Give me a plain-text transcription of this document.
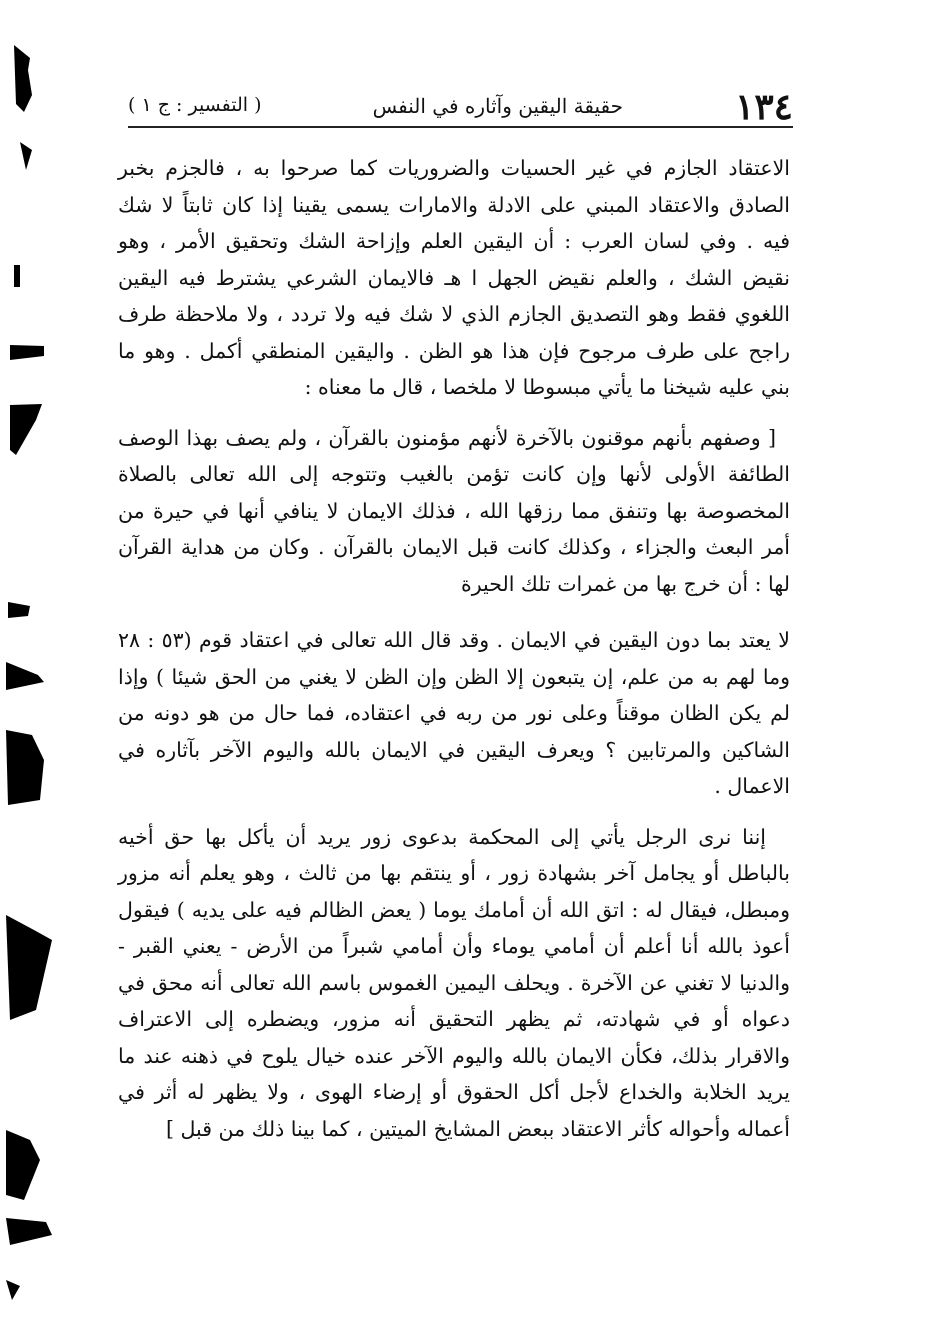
١٣٤
حقيقة اليقين وآثاره في النفس
( التفسير : ج ١ )

الاعتقاد الجازم في غير الحسيات والضروريات كما صرحوا به ، فالجزم بخبر الصادق والاعتقاد المبني على الادلة والامارات يسمى يقينا إذا كان ثابتاً لا شك فيه . وفي لسان العرب : أن اليقين العلم وإزاحة الشك وتحقيق الأمر ، وهو نقيض الشك ، والعلم نقيض الجهل ا هـ فالايمان الشرعي يشترط فيه اليقين اللغوي فقط وهو التصديق الجازم الذي لا شك فيه ولا تردد ، ولا ملاحظة طرف راجح على طرف مرجوح فإن هذا هو الظن . واليقين المنطقي أكمل . وهو ما بني عليه شيخنا ما يأتي مبسوطا لا ملخصا ، قال ما معناه :

[ وصفهم بأنهم موقنون بالآخرة لأنهم مؤمنون بالقرآن ، ولم يصف بهذا الوصف الطائفة الأولى لأنها وإن كانت تؤمن بالغيب وتتوجه إلى الله تعالى بالصلاة المخصوصة بها وتنفق مما رزقها الله ، فذلك الايمان لا ينافي أنها في حيرة من أمر البعث والجزاء ، وكذلك كانت قبل الايمان بالقرآن . وكان من هداية القرآن لها : أن خرج بها من غمرات تلك الحيرة

لا يعتد بما دون اليقين في الايمان . وقد قال الله تعالى في اعتقاد قوم (٥٣ : ٢٨ وما لهم به من علم، إن يتبعون إلا الظن وإن الظن لا يغني من الحق شيئا ) وإذا لم يكن الظان موقناً وعلى نور من ربه في اعتقاده، فما حال من هو دونه من الشاكين والمرتابين ؟ ويعرف اليقين في الايمان بالله واليوم الآخر بآثاره في الاعمال .

إننا نرى الرجل يأتي إلى المحكمة بدعوى زور يريد أن يأكل بها حق أخيه بالباطل أو يجامل آخر بشهادة زور ، أو ينتقم بها من ثالث ، وهو يعلم أنه مزور ومبطل، فيقال له : اتق الله أن أمامك يوما ( يعض الظالم فيه على يديه ) فيقول أعوذ بالله أنا أعلم أن أمامي يوماء وأن أمامي شبراً من الأرض - يعني القبر - والدنيا لا تغني عن الآخرة . ويحلف اليمين الغموس باسم الله تعالى أنه محق في دعواه أو في شهادته، ثم يظهر التحقيق أنه مزور، ويضطره إلى الاعتراف والاقرار بذلك، فكأن الايمان بالله واليوم الآخر عنده خيال يلوح في ذهنه عند ما يريد الخلابة والخداع لأجل أكل الحقوق أو إرضاء الهوى ، ولا يظهر له أثر في أعماله وأحواله كأثر الاعتقاد ببعض المشايخ الميتين ، كما بينا ذلك من قبل ]
